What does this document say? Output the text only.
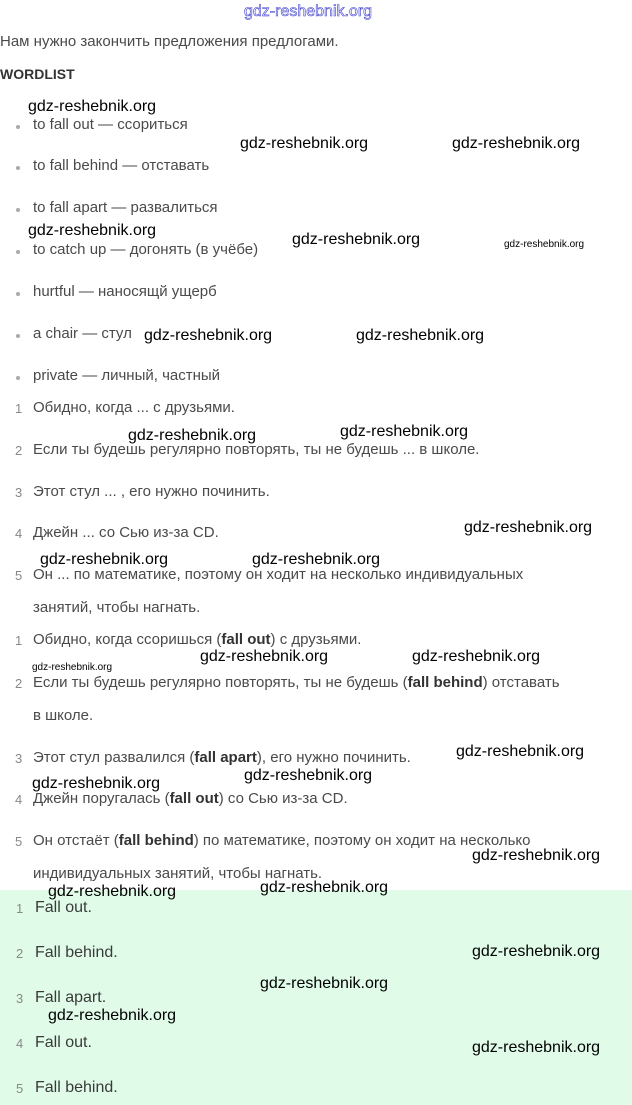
gdz-reshebnik.org
Нам нужно закончить предложения предлогами.
WORDLIST
to fall out — ссориться
to fall behind — отставать
to fall apart — развалиться
to catch up — догонять (в учёбе)
hurtful — наносящй ущерб
a chair — стул
private — личный, частный
1 Обидно, когда ... с друзьями.
2 Если ты будешь регулярно повторять, ты не будешь ... в школе.
3 Этот стул ... , его нужно починить.
4 Джейн ... со Сью из-за CD.
5 Он ... по математике, поэтому он ходит на несколько индивидуальных
занятий, чтобы нагнать.
1 Обидно, когда ссоришься (fall out) с друзьями.
2 Если ты будешь регулярно повторять, ты не будешь (fall behind) отставать
в школе.
3 Этот стул развалился (fall apart), его нужно починить.
4 Джейн поругалась (fall out) со Сью из-за CD.
5 Он отстаёт (fall behind) по математике, поэтому он ходит на несколько
индивидуальных занятий, чтобы нагнать.
1 Fall out.
2 Fall behind.
3 Fall apart.
4 Fall out.
5 Fall behind.
gdz-reshebnik.org
gdz-reshebnik.org	gdz-reshebnik.org
gdz-reshebnik.org
gdz-reshebnik.org	gdz-reshebnik.org
gdz-reshebnik.org	gdz-reshebnik.org
gdz-reshebnik.org	gdz-reshebnik.org
gdz-reshebnik.org
gdz-reshebnik.org	gdz-reshebnik.org
gdz-reshebnik.org
gdz-reshebnik.org	gdz-reshebnik.org
gdz-reshebnik.org
gdz-reshebnik.org	gdz-reshebnik.org
gdz-reshebnik.org
gdz-reshebnik.org	gdz-reshebnik.org
gdz-reshebnik.org
gdz-reshebnik.org
gdz-reshebnik.org
gdz-reshebnik.org
